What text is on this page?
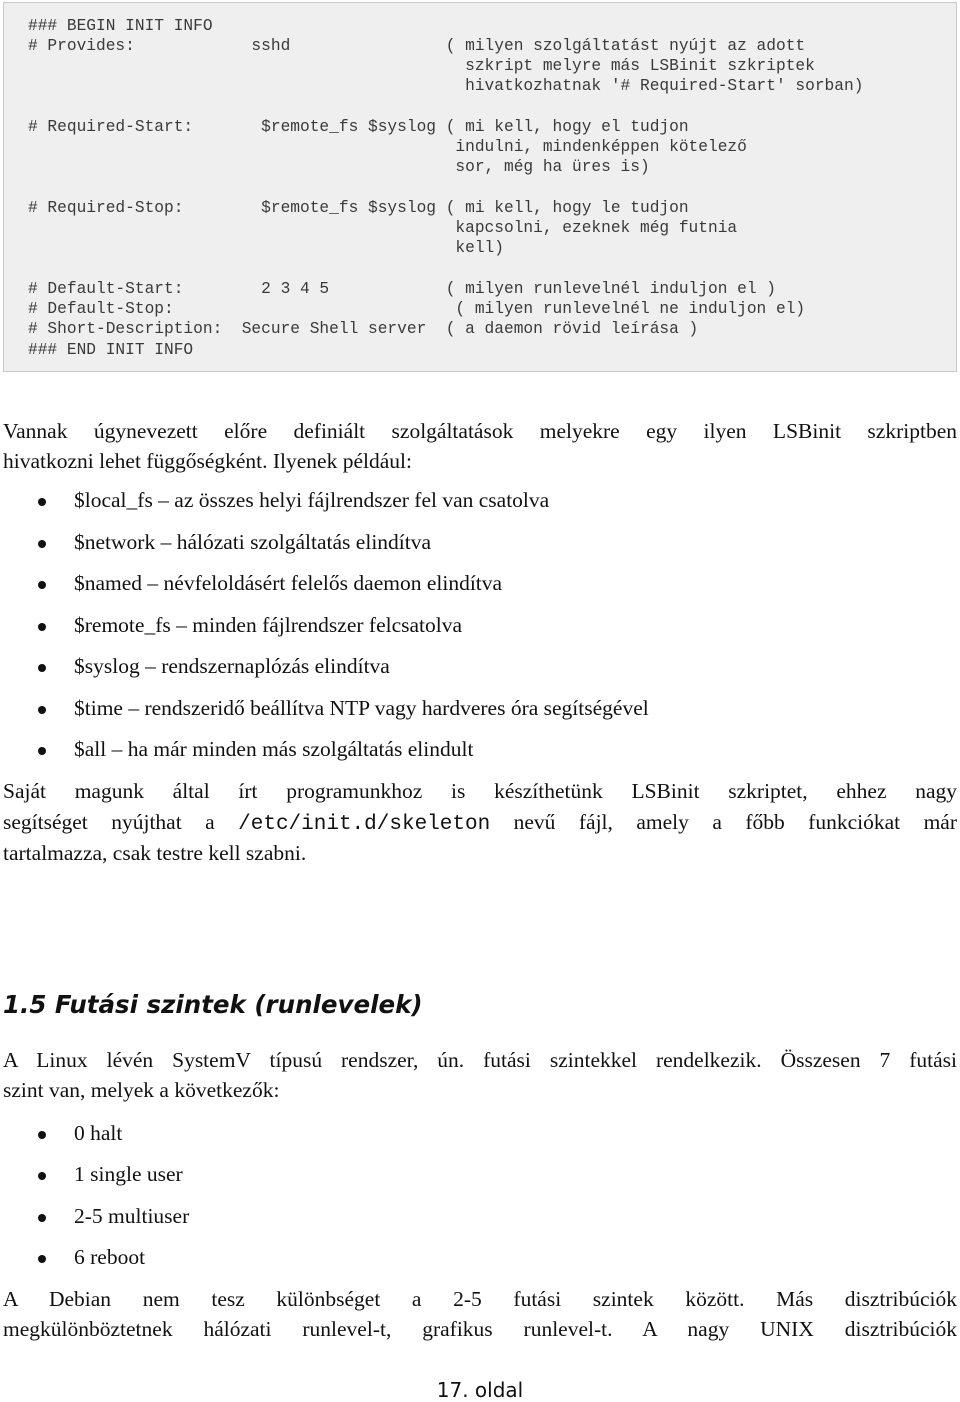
### BEGIN INIT INFO
# Provides:            sshd                ( milyen szolgáltatást nyújt az adott
szkript melyre más LSBinit szkriptek
hivatkozhatnak '# Required-Start' sorban)
# Required-Start:       $remote_fs $syslog ( mi kell, hogy el tudjon
indulni, mindenképpen kötelező
sor, még ha üres is)
# Required-Stop:        $remote_fs $syslog ( mi kell, hogy le tudjon
kapcsolni, ezeknek még futnia
kell)
# Default-Start:        2 3 4 5            ( milyen runlevelnél induljon el )
# Default-Stop:                             ( milyen runlevelnél ne induljon el)
# Short-Description:  Secure Shell server  ( a daemon rövid leírása )
### END INIT INFO
Vannak úgynevezett előre definiált szolgáltatások melyekre egy ilyen LSBinit szkriptben
hivatkozni lehet függőségként. Ilyenek például:
$local_fs – az összes helyi fájlrendszer fel van csatolva
$network – hálózati szolgáltatás elindítva
$named – névfeloldásért felelős daemon elindítva
$remote_fs – minden fájlrendszer felcsatolva
$syslog – rendszernaplózás elindítva
$time – rendszeridő beállítva NTP vagy hardveres óra segítségével
$all – ha már minden más szolgáltatás elindult
Saját magunk által írt programunkhoz is készíthetünk LSBinit szkriptet, ehhez nagy
segítséget nyújthat a /etc/init.d/skeleton nevű fájl, amely a főbb funkciókat már
tartalmazza, csak testre kell szabni.
1.5 Futási szintek (runlevelek)
A Linux lévén SystemV típusú rendszer, ún. futási szintekkel rendelkezik. Összesen 7 futási
szint van, melyek a következők:
0 halt
1 single user
2-5 multiuser
6 reboot
A Debian nem tesz különbséget a 2-5 futási szintek között. Más disztribúciók
megkülönböztetnek hálózati runlevel-t, grafikus runlevel-t. A nagy UNIX disztribúciók
17. oldal
